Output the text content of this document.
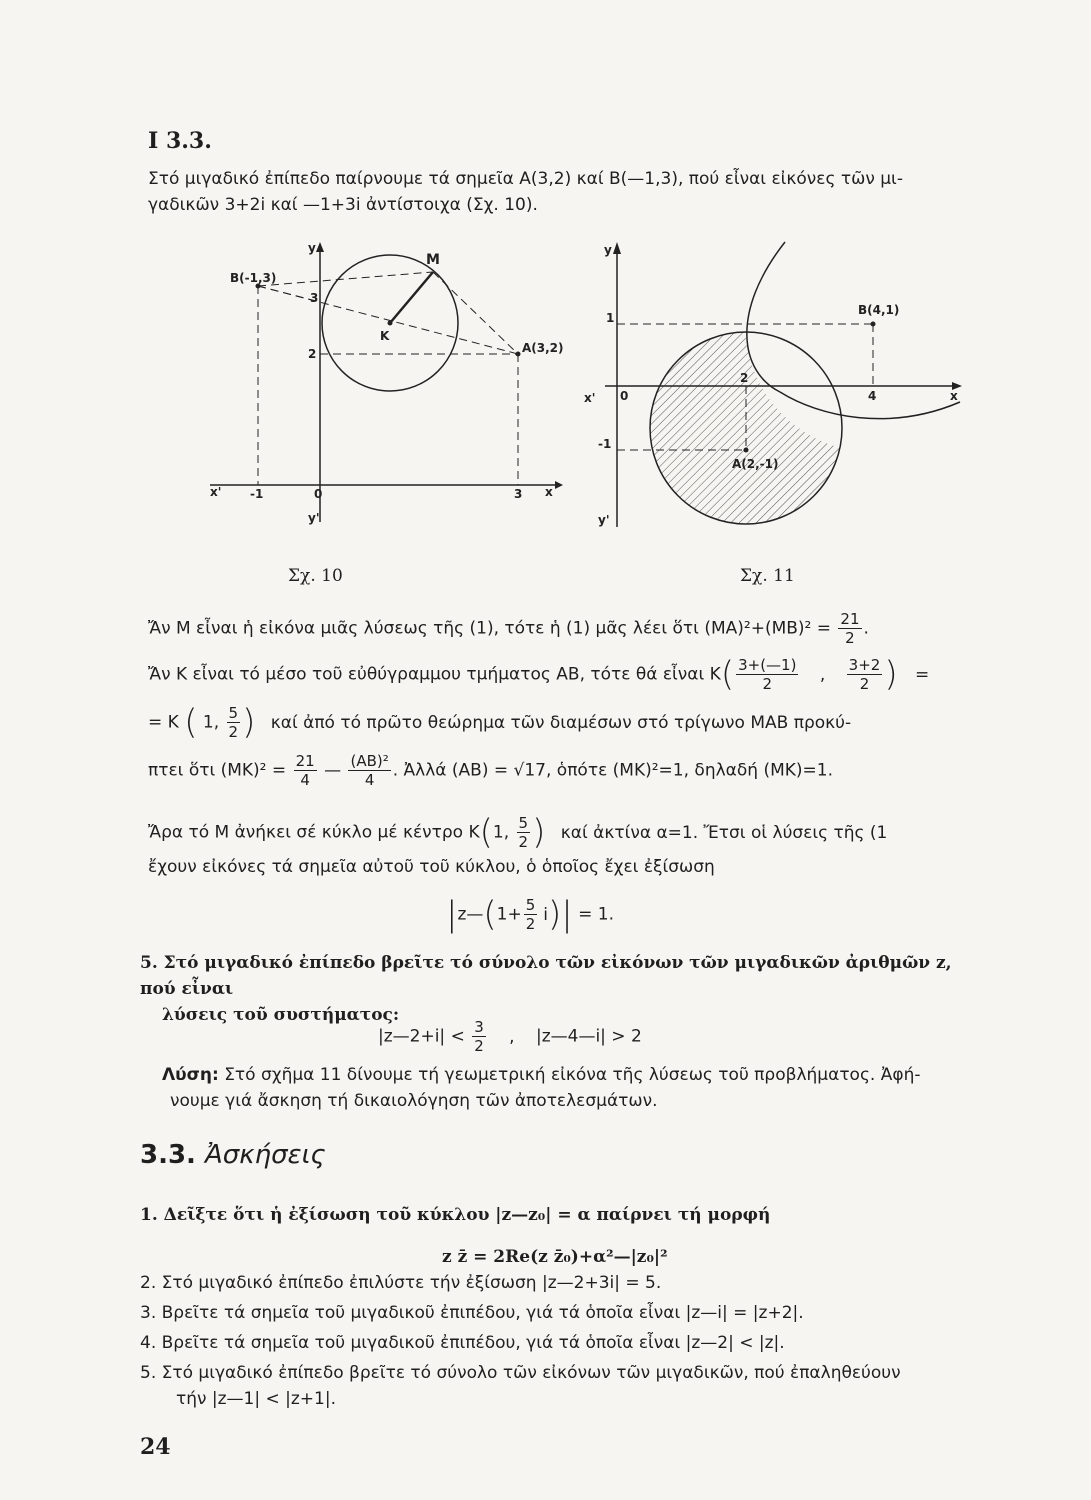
I 3.3.
Στό μιγαδικό ἐπίπεδο παίρνουμε τά σημεῖα Α(3,2) καί Β(—1,3), πού εἶναι εἰκόνες τῶν μι-
γαδικῶν 3+2i καί —1+3i ἀντίστοιχα (Σχ. 10).
Β(-1,3)
Μ
Κ
Α(3,2)
y
y'
x
x'
3
2
-1	0	3
y
y'
x
x'
Β(4,1)
Α(2,-1)
1
0
-1
2
4
Σχ. 10	Σχ. 11
Ἄν Μ εἶναι ἡ εἰκόνα μιᾶς λύσεως τῆς (1), τότε ἡ (1) μᾶς λέει ὅτι $(MA)^2+(MB)^2 = \frac{21}{2}$ .
Ἄν Κ εἶναι τό μέσο τοῦ εὐθύγραμμου τμήματος ΑΒ, τότε θά εἶναι $K( \frac{3+(—1)}{2}$ , $\frac{3+2}{2}$ ) =
= Κ ( 1, $\frac{5}{2}$ ) καί ἀπό τό πρῶτο θεώρημα τῶν διαμέσων στό τρίγωνο ΜΑΒ προκύ-
πτει ὅτι $(MK)^2 = \frac{21}{4}$ — $\frac{\text{(ΑΒ)²}}{4}$ . Ἀλλά (ΑΒ) = √17, ὁπότε (ΜΚ)²=1, δηλαδή (ΜΚ)=1.
Ἄρα τό Μ ἀνήκει σέ κύκλο μέ κέντρο Κ(1, $\frac{5}{2}$ ) καί ἀκτίνα α=1. Ἔτσι οἱ λύσεις τῆς (1
ἔχουν εἰκόνες τά σημεῖα αὐτοῦ τοῦ κύκλου, ὁ ὁποῖος ἔχει ἐξίσωση
|z—(1+ $\frac{5}{2} i)| = 1$.
5. Στό μιγαδικό ἐπίπεδο βρεῖτε τό σύνολο τῶν εἰκόνων τῶν μιγαδικῶν ἀριθμῶν z, πού εἶναι
λύσεις τοῦ συστήματος:
|z—2+i| < $\frac{3}{2}$ , |z—4—i| > 2
Λύση: Στό σχῆμα 11 δίνουμε τή γεωμετρική εἰκόνα τῆς λύσεως τοῦ προβλήματος. Ἀφή-
νουμε γιά ἄσκηση τή δικαιολόγηση τῶν ἀποτελεσμάτων.
3.3. Ἀσκήσεις
1. Δεῖξτε ὅτι ἡ ἐξίσωση τοῦ κύκλου |z—z₀| = α παίρνει τή μορφή
z z̄ = 2Re(z z̄₀)+α²—|z₀|²
2. Στό μιγαδικό ἐπίπεδο ἐπιλύστε τήν ἐξίσωση |z—2+3i| = 5.
3. Βρεῖτε τά σημεῖα τοῦ μιγαδικοῦ ἐπιπέδου, γιά τά ὁποῖα εἶναι |z—i| = |z+2|.
4. Βρεῖτε τά σημεῖα τοῦ μιγαδικοῦ ἐπιπέδου, γιά τά ὁποῖα εἶναι |z—2| < |z|.
5. Στό μιγαδικό ἐπίπεδο βρεῖτε τό σύνολο τῶν εἰκόνων τῶν μιγαδικῶν, πού ἐπαληθεύουν
τήν |z—1| < |z+1|.
24
